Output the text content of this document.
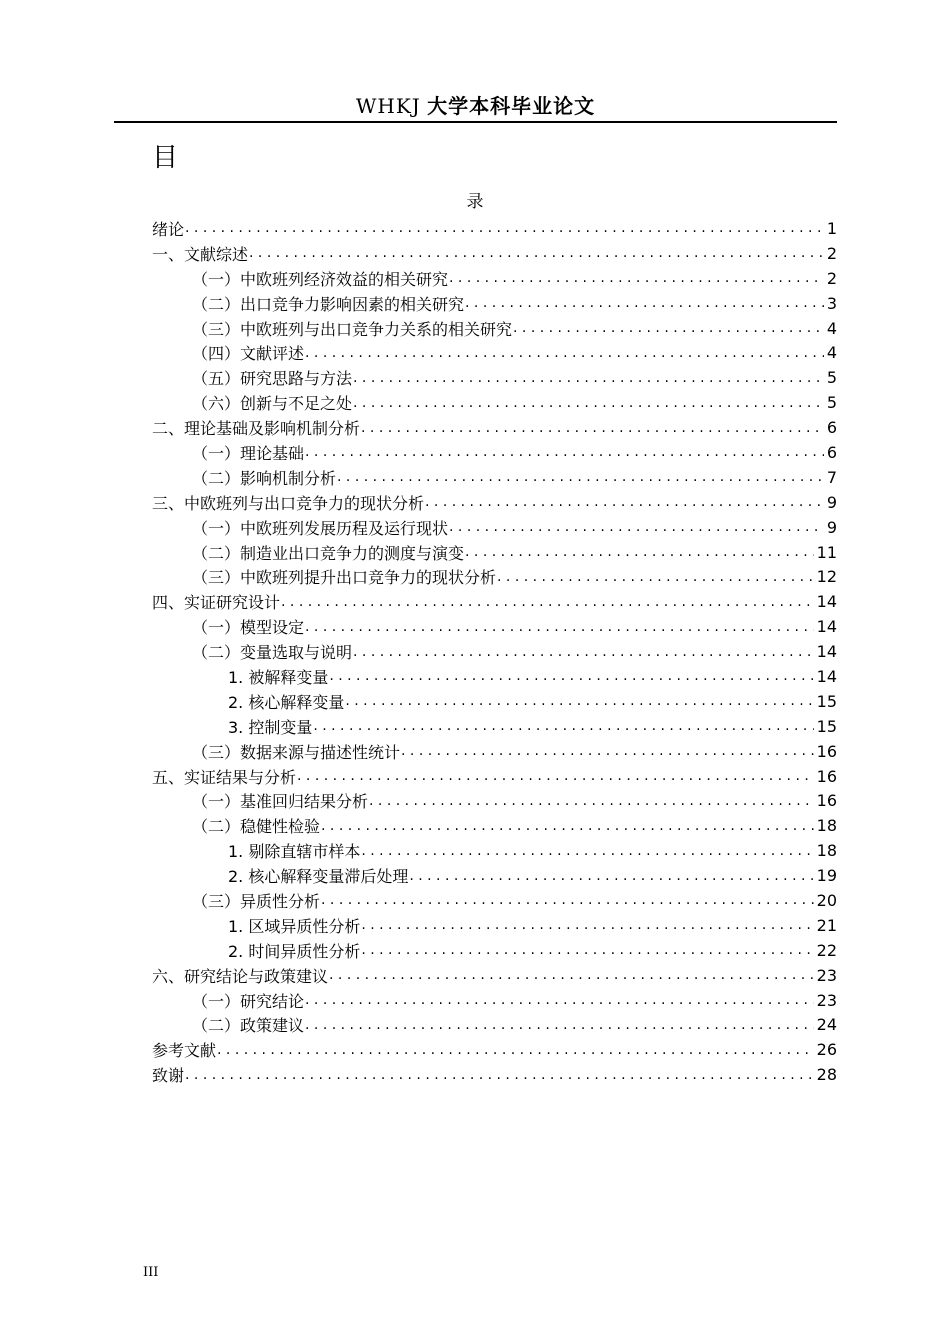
WHKJ 大学本科毕业论文
目
录
绪论 . . .	1
一、文献综述 . . .	2
（一）中欧班列经济效益的相关研究 . . .	2
（二）出口竞争力影响因素的相关研究 . . .	3
（三）中欧班列与出口竞争力关系的相关研究 . . .	4
（四）文献评述 . . .	4
（五）研究思路与方法 . . .	5
（六）创新与不足之处 . . .	5
二、理论基础及影响机制分析 . . .	6
（一）理论基础 . . .	6
（二）影响机制分析 . . .	7
三、中欧班列与出口竞争力的现状分析 . . .	9
（一）中欧班列发展历程及运行现状 . . .	9
（二）制造业出口竞争力的测度与演变 . . .	11
（三）中欧班列提升出口竞争力的现状分析 . . .	12
四、实证研究设计 . . .	14
（一）模型设定 . . .	14
（二）变量选取与说明 . . .	14
1. 被解释变量 . . .	14
2. 核心解释变量 . . .	15
3. 控制变量 . . .	15
（三）数据来源与描述性统计 . . .	16
五、实证结果与分析 . . .	16
（一）基准回归结果分析 . . .	16
（二）稳健性检验 . . .	18
1. 剔除直辖市样本 . . .	18
2. 核心解释变量滞后处理 . . .	19
（三）异质性分析 . . .	20
1. 区域异质性分析 . . .	21
2. 时间异质性分析 . . .	22
六、研究结论与政策建议 . . .	23
（一）研究结论 . . .	23
（二）政策建议 . . .	24
参考文献 . . .	26
致谢 . . .	28
III
